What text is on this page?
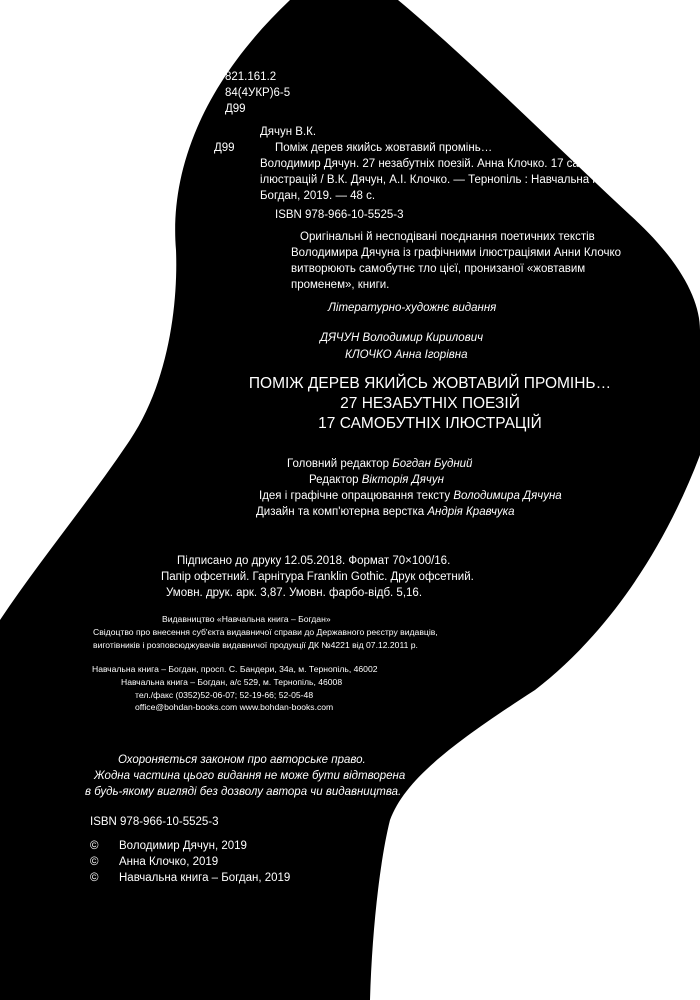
УДК 821.161.2
ББК 84(4УКР)6-5
Д99
Дячун В.К.
Д99	Поміж дерев якийсь жовтавий промінь…
Володимир Дячун. 27 незабутніх поезій. Анна Клочко. 17 самобутніх
ілюстрацій / В.К. Дячун, А.І. Клочко. — Тернопіль : Навчальна книга –
Богдан, 2019. — 48 с.
ISBN 978-966-10-5525-3
Оригінальні й несподівані поєднання поетичних текстів
Володимира Дячуна із графічними ілюстраціями Анни Клочко
витворюють самобутнє тло цієї, пронизаної «жовтавим
променем», книги.
Літературно-художнє видання
ДЯЧУН Володимир Кирилович
КЛОЧКО Анна Ігорівна
ПОМІЖ ДЕРЕВ ЯКИЙСЬ ЖОВТАВИЙ ПРОМІНЬ…
27 НЕЗАБУТНІХ ПОЕЗІЙ
17 САМОБУТНІХ ІЛЮСТРАЦІЙ
Головний редактор Богдан Будний
Редактор Вікторія Дячун
Ідея і графічне опрацювання тексту Володимира Дячуна
Дизайн та комп'ютерна верстка Андрія Кравчука
Підписано до друку 12.05.2018. Формат 70×100/16.
Папір офсетний. Гарнітура Franklin Gothic. Друк офсетний.
Умовн. друк. арк. 3,87. Умовн. фарбо-відб. 5,16.
Видавництво «Навчальна книга – Богдан»
Свідоцтво про внесення суб'єкта видавничої справи до Державного реєстру видавців,
виготівників і розповсюджувачів видавничої продукції ДК №4221 від 07.12.2011 р.
Навчальна книга – Богдан, просп. С. Бандери, 34а, м. Тернопіль, 46002
Навчальна книга – Богдан, а/с 529, м. Тернопіль, 46008
тел./факс (0352)52-06-07; 52-19-66; 52-05-48
office@bohdan-books.com www.bohdan-books.com
Охороняється законом про авторське право.
Жодна частина цього видання не може бути відтворена
в будь-якому вигляді без дозволу автора чи видавництва.
ISBN 978-966-10-5525-3
© Володимир Дячун, 2019
© Анна Клочко, 2019
© Навчальна книга – Богдан, 2019
